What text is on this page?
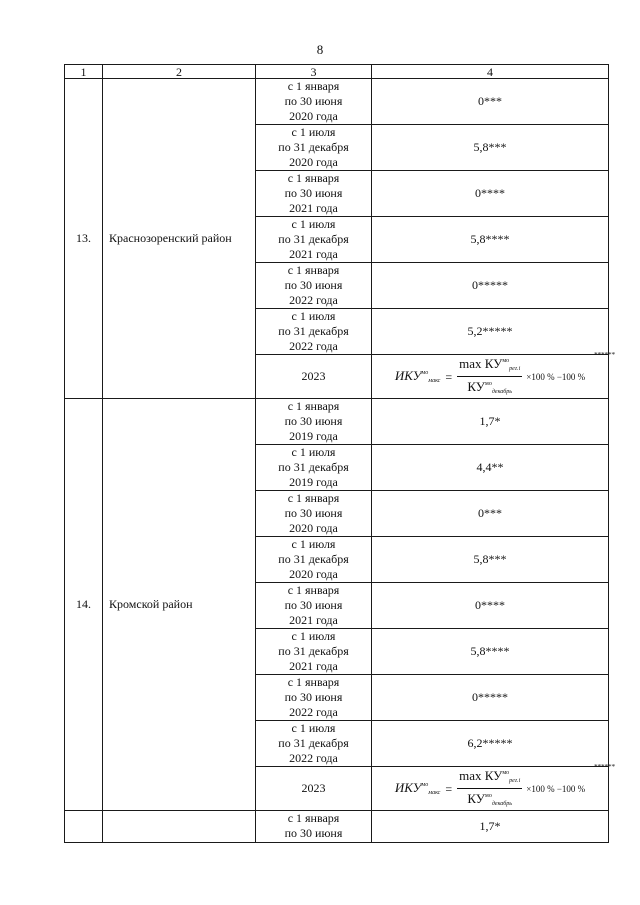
8
1	2	3	4
13.	Краснозоренский район	с 1 января
по 30 июня
2020 года	0***

		с 1 июля
по 31 декабря
2020 года	5,8***

		с 1 января
по 30 июня
2021 года	0****

		с 1 июля
по 31 декабря
2021 года	5,8****

		с 1 января
по 30 июня
2022 года	0*****

		с 1 июля
по 31 декабря
2022 года	5,2*****
		2023	$ИКУ^{мо}_{макс} = \frac{\max КУ^{мо}_{рег.i}}{КУ^{мо}_{декабрь}} \times 100$ % −100 %
******

14.	Кромской район	с 1 января
по 30 июня
2019 года	1,7*

		с 1 июля
по 31 декабря
2019 года	4,4**

		с 1 января
по 30 июня
2020 года	0***

		с 1 июля
по 31 декабря
2020 года	5,8***

		с 1 января
по 30 июня
2021 года	0****

		с 1 июля
по 31 декабря
2021 года	5,8****

		с 1 января
по 30 июня
2022 года	0*****

		с 1 июля
по 31 декабря
2022 года	6,2*****
		2023	$ИКУ^{мо}_{макс} = \frac{\max КУ^{мо}_{рег.i}}{КУ^{мо}_{декабрь}} \times 100$ % −100 %
******

		с 1 января
по 30 июня	1,7*
